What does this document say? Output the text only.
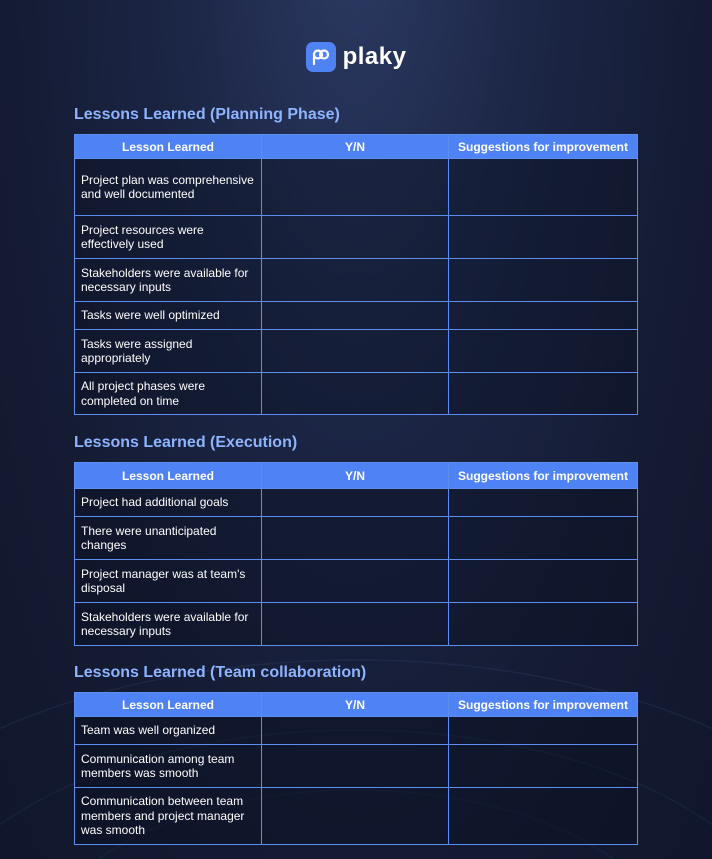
plaky
Lessons Learned (Planning Phase)
Lesson Learned	Y/N	Suggestions for improvement
Project plan was comprehensive and well documented		
Project resources were effectively used		
Stakeholders were available for necessary inputs		
Tasks were well optimized		
Tasks were assigned appropriately		
All project phases were completed on time		
Lessons Learned (Execution)
Lesson Learned	Y/N	Suggestions for improvement
Project had additional goals		
There were unanticipated changes		
Project manager was at team's disposal		
Stakeholders were available for necessary inputs		
Lessons Learned (Team collaboration)
Lesson Learned	Y/N	Suggestions for improvement
Team was well organized		
Communication among team members was smooth		
Communication between team members and project manager was smooth		
